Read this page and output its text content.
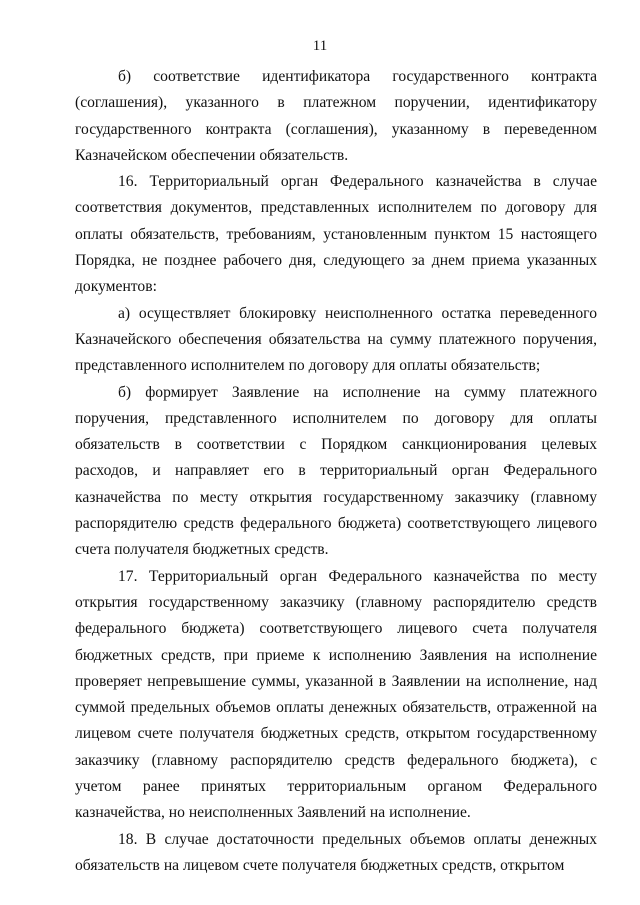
11

б) соответствие идентификатора государственного контракта (соглашения), указанного в платежном поручении, идентификатору государственного контракта (соглашения), указанному в переведенном Казначейском обеспечении обязательств.

16. Территориальный орган Федерального казначейства в случае соответствия документов, представленных исполнителем по договору для оплаты обязательств, требованиям, установленным пунктом 15 настоящего Порядка, не позднее рабочего дня, следующего за днем приема указанных документов:

а) осуществляет блокировку неисполненного остатка переведенного Казначейского обеспечения обязательства на сумму платежного поручения, представленного исполнителем по договору для оплаты обязательств;

б) формирует Заявление на исполнение на сумму платежного поручения, представленного исполнителем по договору для оплаты обязательств в соответствии с Порядком санкционирования целевых расходов, и направляет его в территориальный орган Федерального казначейства по месту открытия государственному заказчику (главному распорядителю средств федерального бюджета) соответствующего лицевого счета получателя бюджетных средств.

17. Территориальный орган Федерального казначейства по месту открытия государственному заказчику (главному распорядителю средств федерального бюджета) соответствующего лицевого счета получателя бюджетных средств, при приеме к исполнению Заявления на исполнение проверяет непревышение суммы, указанной в Заявлении на исполнение, над суммой предельных объемов оплаты денежных обязательств, отраженной на лицевом счете получателя бюджетных средств, открытом государственному заказчику (главному распорядителю средств федерального бюджета), с учетом ранее принятых территориальным органом Федерального казначейства, но неисполненных Заявлений на исполнение.

18. В случае достаточности предельных объемов оплаты денежных обязательств на лицевом счете получателя бюджетных средств, открытом
